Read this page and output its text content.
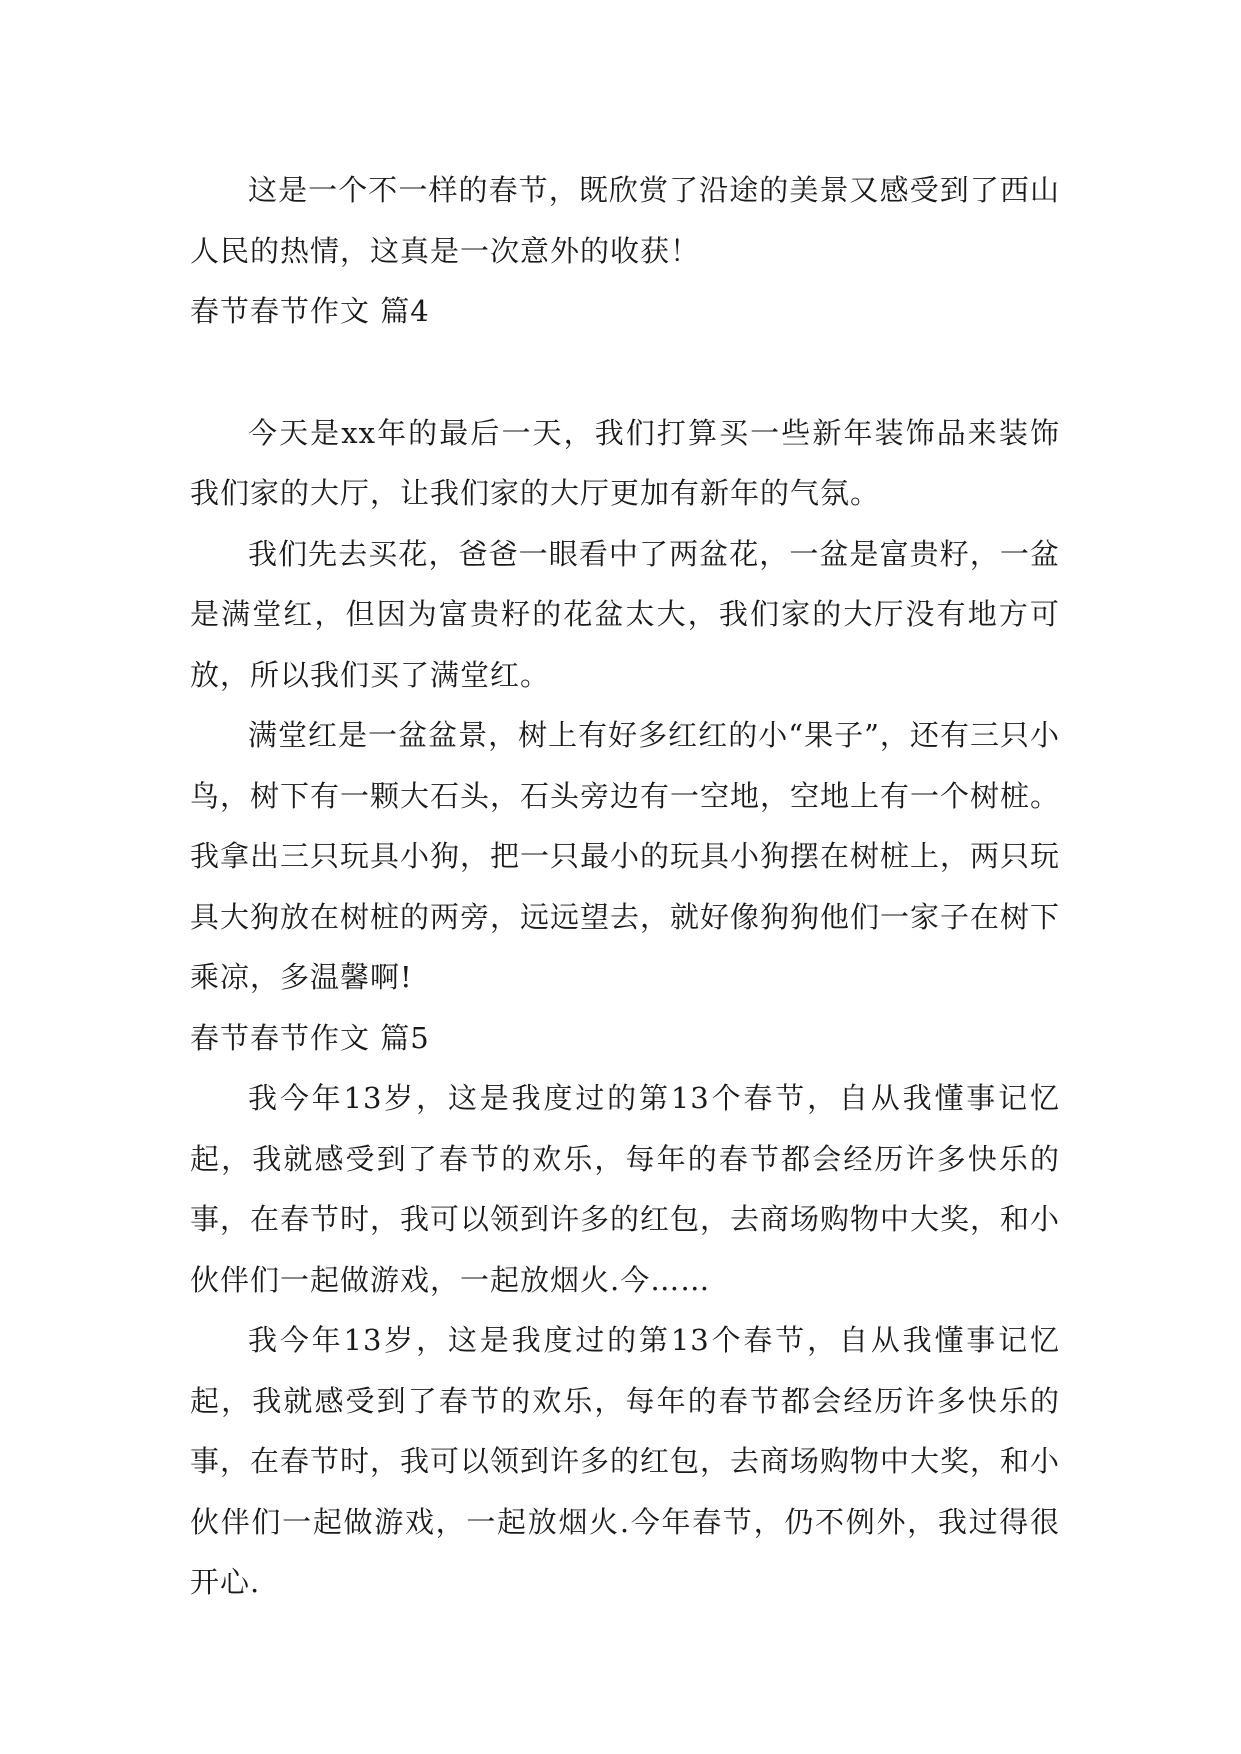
这是一个不一样的春节，既欣赏了沿途的美景又感受到了西山人民的热情，这真是一次意外的收获！

春节春节作文 篇4

今天是xx年的最后一天，我们打算买一些新年装饰品来装饰我们家的大厅，让我们家的大厅更加有新年的气氛。

我们先去买花，爸爸一眼看中了两盆花，一盆是富贵籽，一盆是满堂红，但因为富贵籽的花盆太大，我们家的大厅没有地方可放，所以我们买了满堂红。

满堂红是一盆盆景，树上有好多红红的小“果子”，还有三只小鸟，树下有一颗大石头，石头旁边有一空地，空地上有一个树桩。我拿出三只玩具小狗，把一只最小的玩具小狗摆在树桩上，两只玩具大狗放在树桩的两旁，远远望去，就好像狗狗他们一家子在树下乘凉，多温馨啊!

春节春节作文 篇5

我今年13岁，这是我度过的第13个春节，自从我懂事记忆起，我就感受到了春节的欢乐，每年的春节都会经历许多快乐的事，在春节时，我可以领到许多的红包，去商场购物中大奖，和小伙伴们一起做游戏，一起放烟火.今……

我今年13岁，这是我度过的第13个春节，自从我懂事记忆起，我就感受到了春节的欢乐，每年的春节都会经历许多快乐的事，在春节时，我可以领到许多的红包，去商场购物中大奖，和小伙伴们一起做游戏，一起放烟火.今年春节，仍不例外，我过得很开心.
